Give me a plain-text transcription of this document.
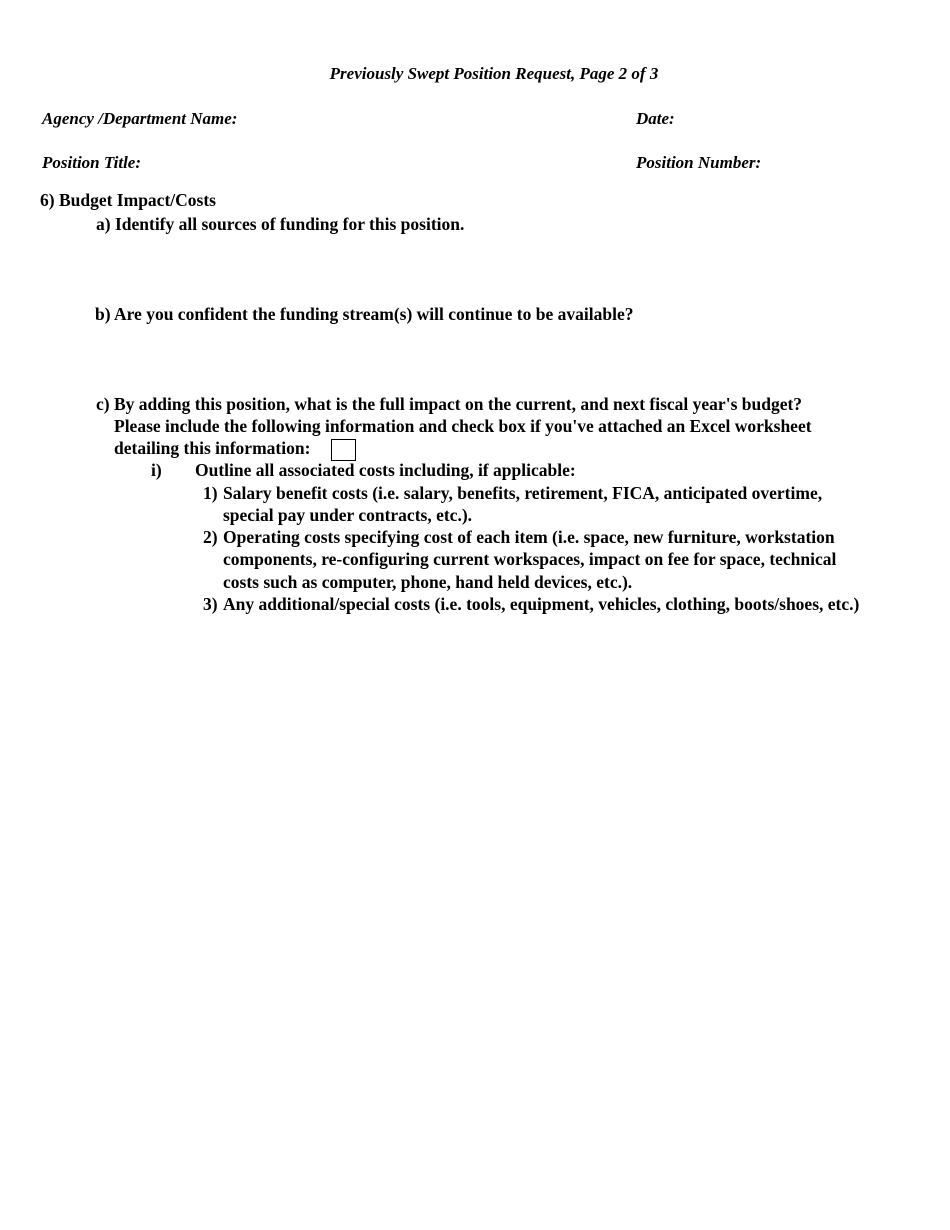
Previously Swept Position Request, Page 2 of 3
Agency /Department Name:	Date:
Position Title:	Position Number:
6) Budget Impact/Costs
a) Identify all sources of funding for this position.
b) Are you confident the funding stream(s) will continue to be available?
c) By adding this position, what is the full impact on the current, and next fiscal year's budget?
Please include the following information and check box if you've attached an Excel worksheet
detailing this information:
i) Outline all associated costs including, if applicable:
1) Salary benefit costs (i.e. salary, benefits, retirement, FICA, anticipated overtime,
special pay under contracts, etc.).
2) Operating costs specifying cost of each item (i.e. space, new furniture, workstation
components, re-configuring current workspaces, impact on fee for space, technical
costs such as computer, phone, hand held devices, etc.).
3) Any additional/special costs (i.e. tools, equipment, vehicles, clothing, boots/shoes, etc.)
